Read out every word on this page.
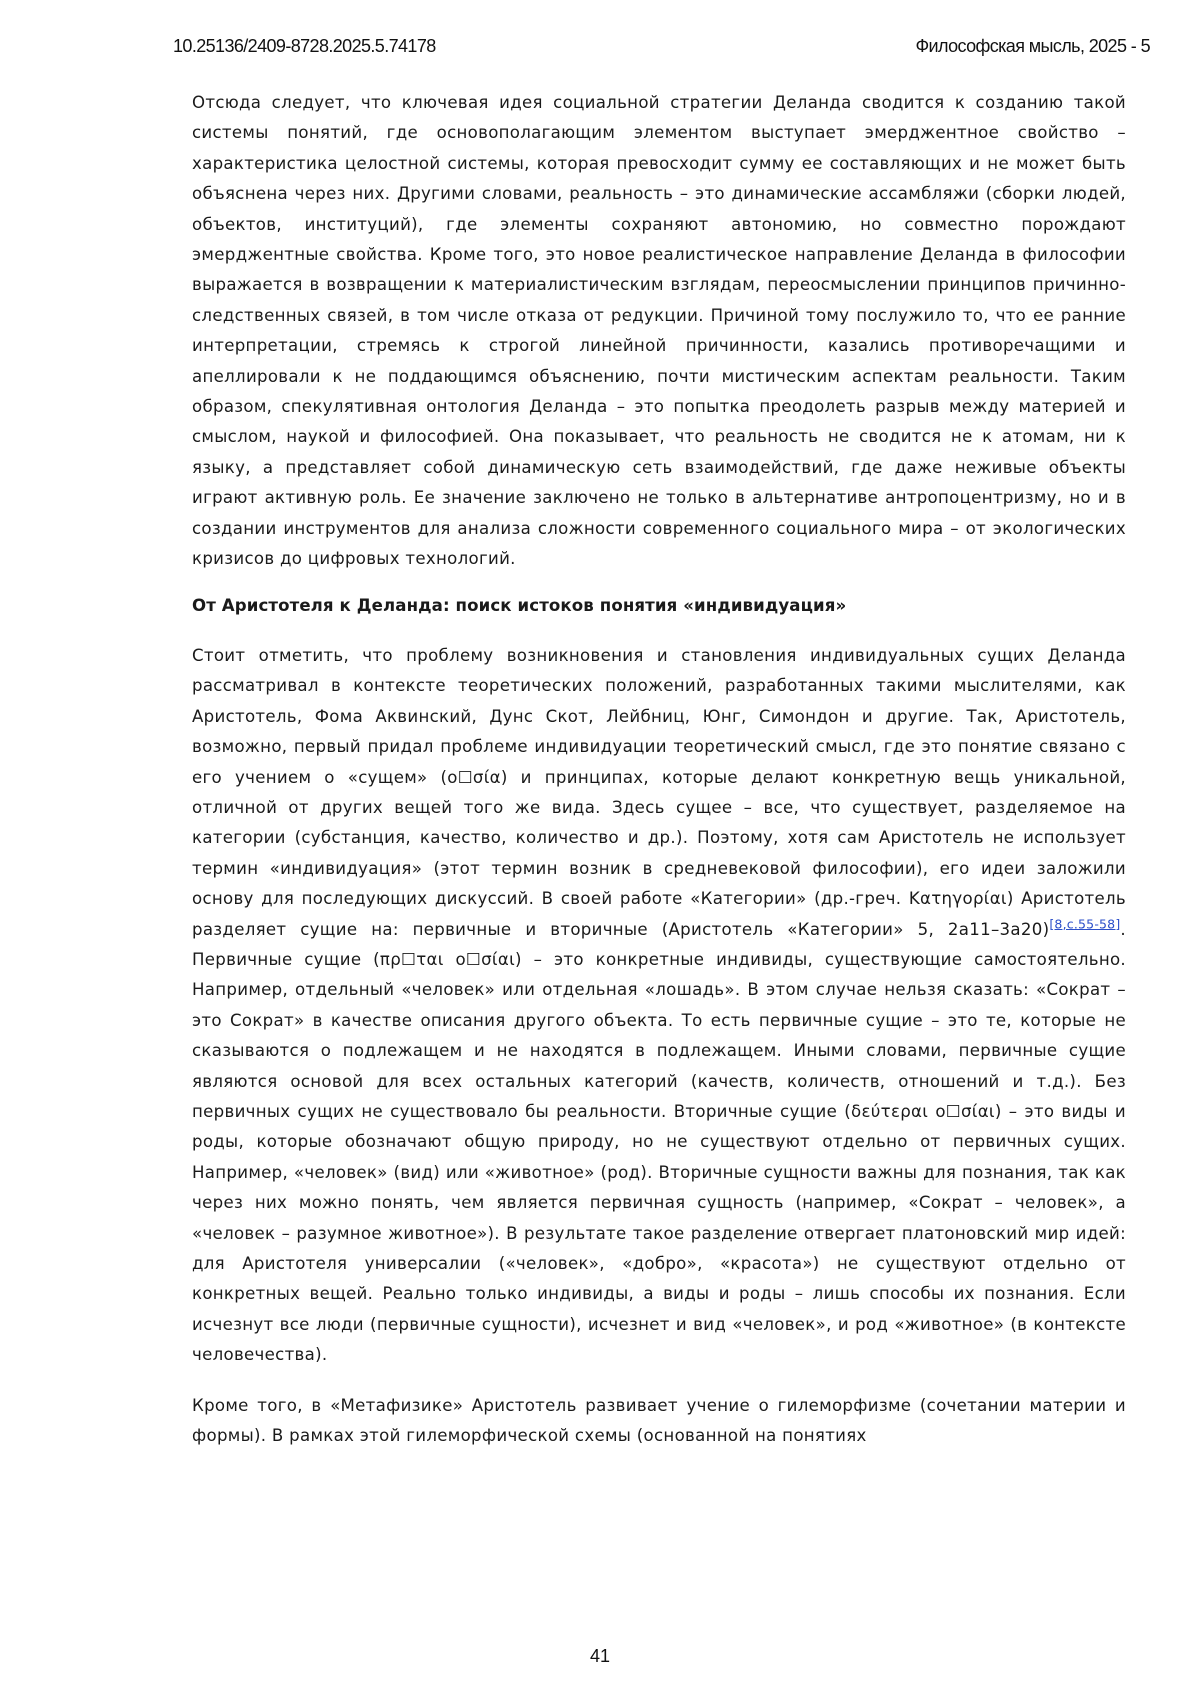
10.25136/2409-8728.2025.5.74178	Философская мысль, 2025 - 5

Отсюда следует, что ключевая идея социальной стратегии Деланда сводится к созданию такой системы понятий, где основополагающим элементом выступает эмерджентное свойство – характеристика целостной системы, которая превосходит сумму ее составляющих и не может быть объяснена через них. Другими словами, реальность – это динамические ассамбляжи (сборки людей, объектов, институций), где элементы сохраняют автономию, но совместно порождают эмерджентные свойства. Кроме того, это новое реалистическое направление Деланда в философии выражается в возвращении к материалистическим взглядам, переосмыслении принципов причинно-следственных связей, в том числе отказа от редукции. Причиной тому послужило то, что ее ранние интерпретации, стремясь к строгой линейной причинности, казались противоречащими и апеллировали к не поддающимся объяснению, почти мистическим аспектам реальности. Таким образом, спекулятивная онтология Деланда – это попытка преодолеть разрыв между материей и смыслом, наукой и философией. Она показывает, что реальность не сводится не к атомам, ни к языку, а представляет собой динамическую сеть взаимодействий, где даже неживые объекты играют активную роль. Ее значение заключено не только в альтернативе антропоцентризму, но и в создании инструментов для анализа сложности современного социального мира – от экологических кризисов до цифровых технологий.

От Аристотеля к Деланда: поиск истоков понятия «индивидуация»

Стоит отметить, что проблему возникновения и становления индивидуальных сущих Деланда рассматривал в контексте теоретических положений, разработанных такими мыслителями, как Аристотель, Фома Аквинский, Дунс Скот, Лейбниц, Юнг, Симондон и другие. Так, Аристотель, возможно, первый придал проблеме индивидуации теоретический смысл, где это понятие связано с его учением о «сущем» (о☐σία) и принципах, которые делают конкретную вещь уникальной, отличной от других вещей того же вида. Здесь сущее – все, что существует, разделяемое на категории (субстанция, качество, количество и др.). Поэтому, хотя сам Аристотель не использует термин «индивидуация» (этот термин возник в средневековой философии), его идеи заложили основу для последующих дискуссий. В своей работе «Категории» (др.-греч. Κατηγορίαι) Аристотель разделяет сущие на: первичные и вторичные (Аристотель «Категории» 5, 2a11–3a20)[8,с.55-58]. Первичные сущие (πρ☐ται ο☐σίαι) – это конкретные индивиды, существующие самостоятельно. Например, отдельный «человек» или отдельная «лошадь». В этом случае нельзя сказать: «Сократ – это Сократ» в качестве описания другого объекта. То есть первичные сущие – это те, которые не сказываются о подлежащем и не находятся в подлежащем. Иными словами, первичные сущие являются основой для всех остальных категорий (качеств, количеств, отношений и т.д.). Без первичных сущих не существовало бы реальности. Вторичные сущие (δεύτεραι ο☐σίαι) – это виды и роды, которые обозначают общую природу, но не существуют отдельно от первичных сущих. Например, «человек» (вид) или «животное» (род). Вторичные сущности важны для познания, так как через них можно понять, чем является первичная сущность (например, «Сократ – человек», а «человек – разумное животное»). В результате такое разделение отвергает платоновский мир идей: для Аристотеля универсалии («человек», «добро», «красота») не существуют отдельно от конкретных вещей. Реально только индивиды, а виды и роды – лишь способы их познания. Если исчезнут все люди (первичные сущности), исчезнет и вид «человек», и род «животное» (в контексте человечества).

Кроме того, в «Метафизике» Аристотель развивает учение о гилеморфизме (сочетании материи и формы). В рамках этой гилеморфической схемы (основанной на понятиях

41
